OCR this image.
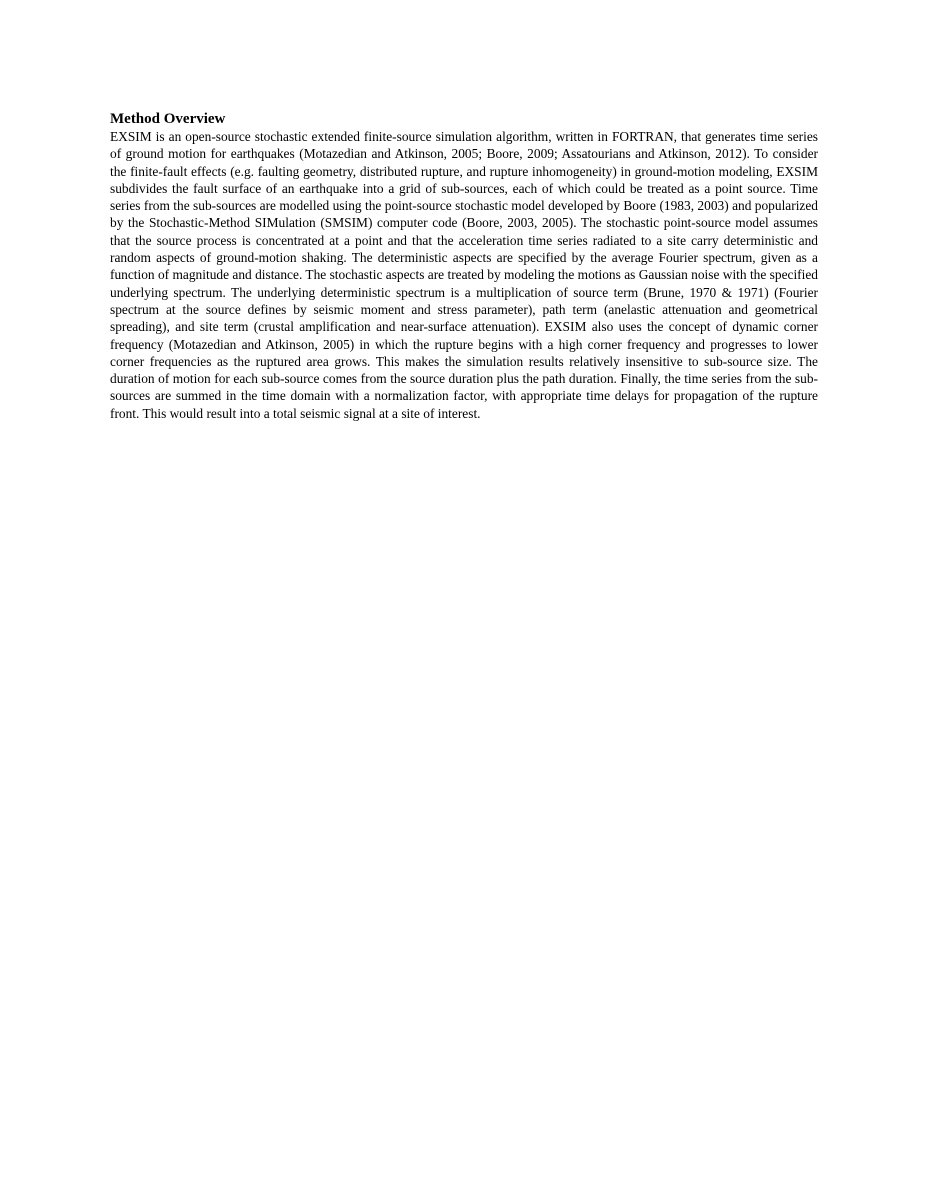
Method Overview

EXSIM is an open-source stochastic extended finite-source simulation algorithm, written in FORTRAN, that generates time series of ground motion for earthquakes (Motazedian and Atkinson, 2005; Boore, 2009; Assatourians and Atkinson, 2012). To consider the finite-fault effects (e.g. faulting geometry, distributed rupture, and rupture inhomogeneity) in ground-motion modeling, EXSIM subdivides the fault surface of an earthquake into a grid of sub-sources, each of which could be treated as a point source. Time series from the sub-sources are modelled using the point-source stochastic model developed by Boore (1983, 2003) and popularized by the Stochastic-Method SIMulation (SMSIM) computer code (Boore, 2003, 2005). The stochastic point-source model assumes that the source process is concentrated at a point and that the acceleration time series radiated to a site carry deterministic and random aspects of ground-motion shaking. The deterministic aspects are specified by the average Fourier spectrum, given as a function of magnitude and distance. The stochastic aspects are treated by modeling the motions as Gaussian noise with the specified underlying spectrum. The underlying deterministic spectrum is a multiplication of source term (Brune, 1970 & 1971) (Fourier spectrum at the source defines by seismic moment and stress parameter), path term (anelastic attenuation and geometrical spreading), and site term (crustal amplification and near-surface attenuation). EXSIM also uses the concept of dynamic corner frequency (Motazedian and Atkinson, 2005) in which the rupture begins with a high corner frequency and progresses to lower corner frequencies as the ruptured area grows. This makes the simulation results relatively insensitive to sub-source size. The duration of motion for each sub-source comes from the source duration plus the path duration. Finally, the time series from the sub-sources are summed in the time domain with a normalization factor, with appropriate time delays for propagation of the rupture front. This would result into a total seismic signal at a site of interest.
